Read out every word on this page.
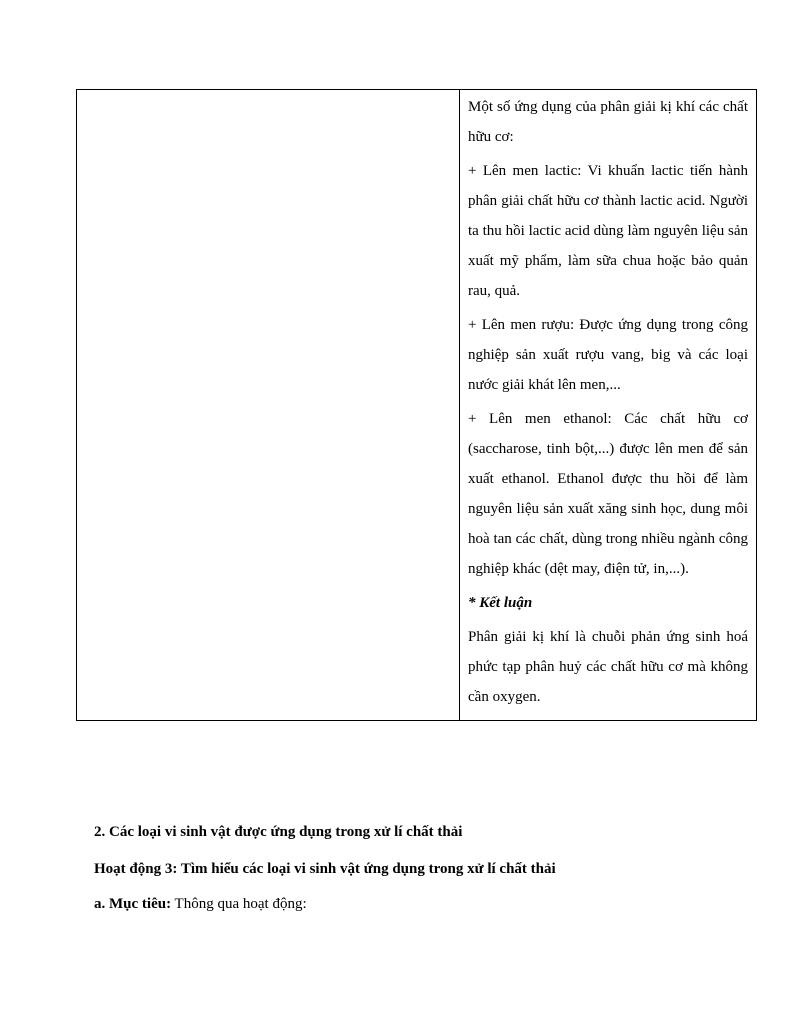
Một số ứng dụng của phân giải kị khí các chất hữu cơ:

+ Lên men lactic: Vi khuẩn lactic tiến hành phân giải chất hữu cơ thành lactic acid. Người ta thu hồi lactic acid dùng làm nguyên liệu sản xuất mỹ phẩm, làm sữa chua hoặc bảo quản rau, quả.

+ Lên men rượu: Được ứng dụng trong công nghiệp sản xuất rượu vang, big và các loại nước giải khát lên men,...

+ Lên men ethanol: Các chất hữu cơ (saccharose, tinh bột,...) được lên men để sản xuất ethanol. Ethanol được thu hồi để làm nguyên liệu sản xuất xăng sinh học, dung môi hoà tan các chất, dùng trong nhiều ngành công nghiệp khác (dệt may, điện tử, in,...).

* Kết luận

Phân giải kị khí là chuỗi phản ứng sinh hoá phức tạp phân huỷ các chất hữu cơ mà không cần oxygen.

2. Các loại vi sinh vật được ứng dụng trong xử lí chất thải
Hoạt động 3: Tìm hiểu các loại vi sinh vật ứng dụng trong xử lí chất thải
a. Mục tiêu: Thông qua hoạt động:
